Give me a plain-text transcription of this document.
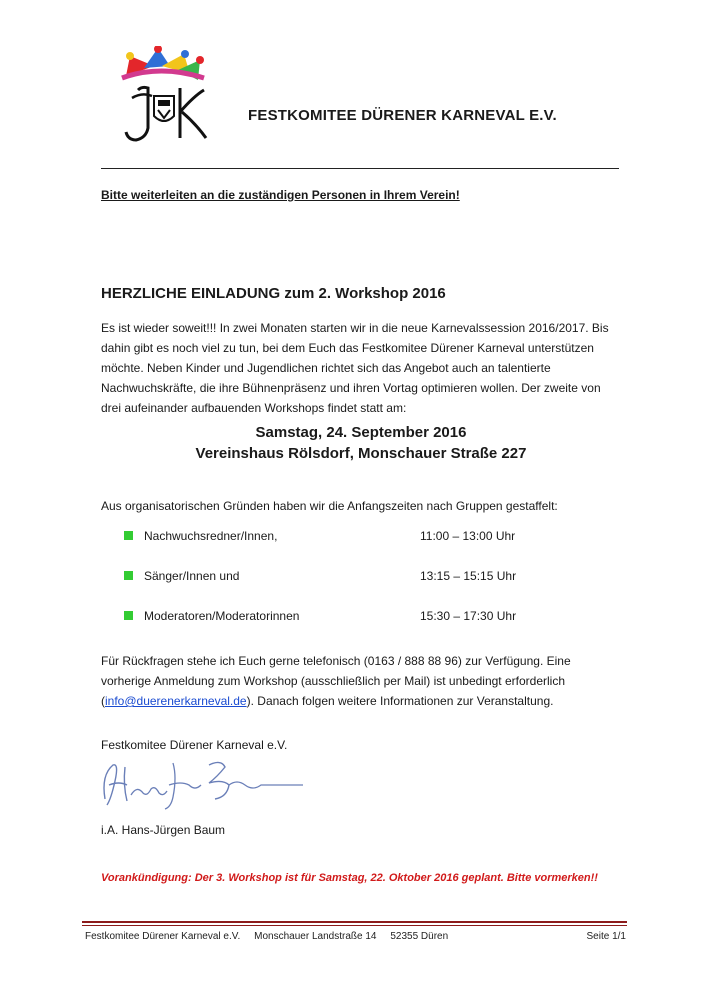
FESTKOMITEE DÜRENER KARNEVAL E.V.
Bitte weiterleiten an die zuständigen Personen in Ihrem Verein!
HERZLICHE EINLADUNG zum 2. Workshop 2016
Es ist wieder soweit!!! In zwei Monaten starten wir in die neue Karnevalssession 2016/2017. Bis dahin gibt es noch viel zu tun, bei dem Euch das Festkomitee Dürener Karneval unterstützen möchte. Neben Kinder und Jugendlichen richtet sich das Angebot auch an talentierte Nachwuchskräfte, die ihre Bühnenpräsenz und ihren Vortag optimieren wollen. Der zweite von drei aufeinander aufbauenden Workshops findet statt am:
Samstag, 24. September 2016
Vereinshaus Rölsdorf, Monschauer Straße 227
Aus organisatorischen Gründen haben wir die Anfangszeiten nach Gruppen gestaffelt:
Nachwuchsredner/Innen,	11:00 – 13:00 Uhr
Sänger/Innen und	13:15 – 15:15 Uhr
Moderatoren/Moderatorinnen	15:30 – 17:30 Uhr
Für Rückfragen stehe ich Euch gerne telefonisch (0163 / 888 88 96) zur Verfügung. Eine vorherige Anmeldung zum Workshop (ausschließlich per Mail) ist unbedingt erforderlich (info@duerenerkarneval.de). Danach folgen weitere Informationen zur Veranstaltung.
Festkomitee Dürener Karneval e.V.
i.A. Hans-Jürgen Baum
Vorankündigung: Der 3. Workshop ist für Samstag, 22. Oktober 2016 geplant. Bitte vormerken!!
Festkomitee Dürener Karneval e.V.     Monschauer Landstraße 14     52355 Düren	Seite 1/1
